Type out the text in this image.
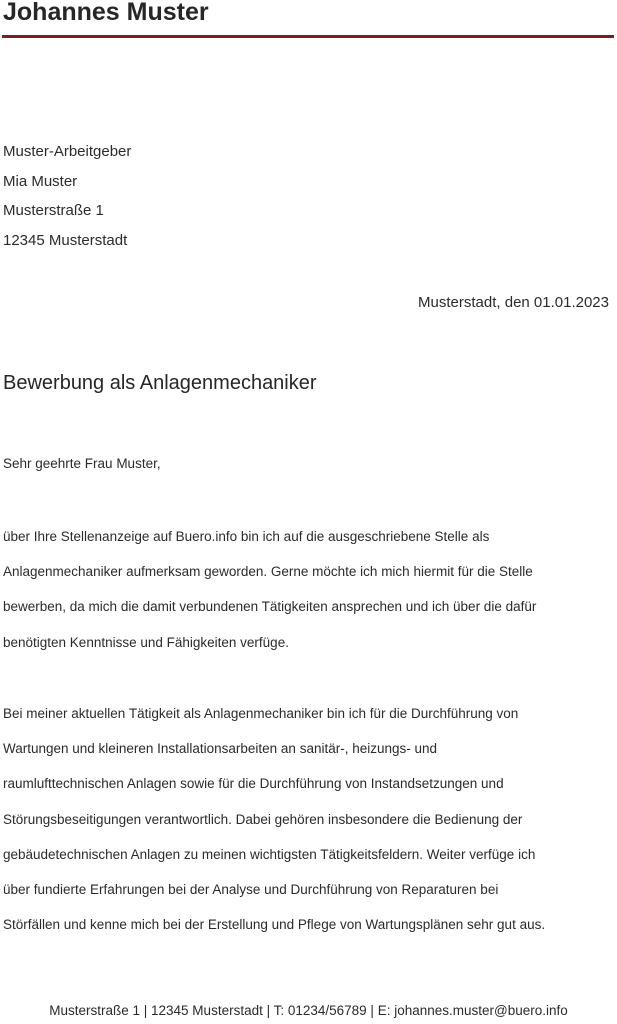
Johannes Muster
Muster-Arbeitgeber
Mia Muster
Musterstraße 1
12345 Musterstadt
Musterstadt, den 01.01.2023
Bewerbung als Anlagenmechaniker
Sehr geehrte Frau Muster,
über Ihre Stellenanzeige auf Buero.info bin ich auf die ausgeschriebene Stelle als
Anlagenmechaniker aufmerksam geworden. Gerne möchte ich mich hiermit für die Stelle
bewerben, da mich die damit verbundenen Tätigkeiten ansprechen und ich über die dafür
benötigten Kenntnisse und Fähigkeiten verfüge.
Bei meiner aktuellen Tätigkeit als Anlagenmechaniker bin ich für die Durchführung von
Wartungen und kleineren Installationsarbeiten an sanitär-, heizungs- und
raumlufttechnischen Anlagen sowie für die Durchführung von Instandsetzungen und
Störungsbeseitigungen verantwortlich. Dabei gehören insbesondere die Bedienung der
gebäudetechnischen Anlagen zu meinen wichtigsten Tätigkeitsfeldern. Weiter verfüge ich
über fundierte Erfahrungen bei der Analyse und Durchführung von Reparaturen bei
Störfällen und kenne mich bei der Erstellung und Pflege von Wartungsplänen sehr gut aus.
Musterstraße 1 | 12345 Musterstadt | T: 01234/56789 | E: johannes.muster@buero.info
